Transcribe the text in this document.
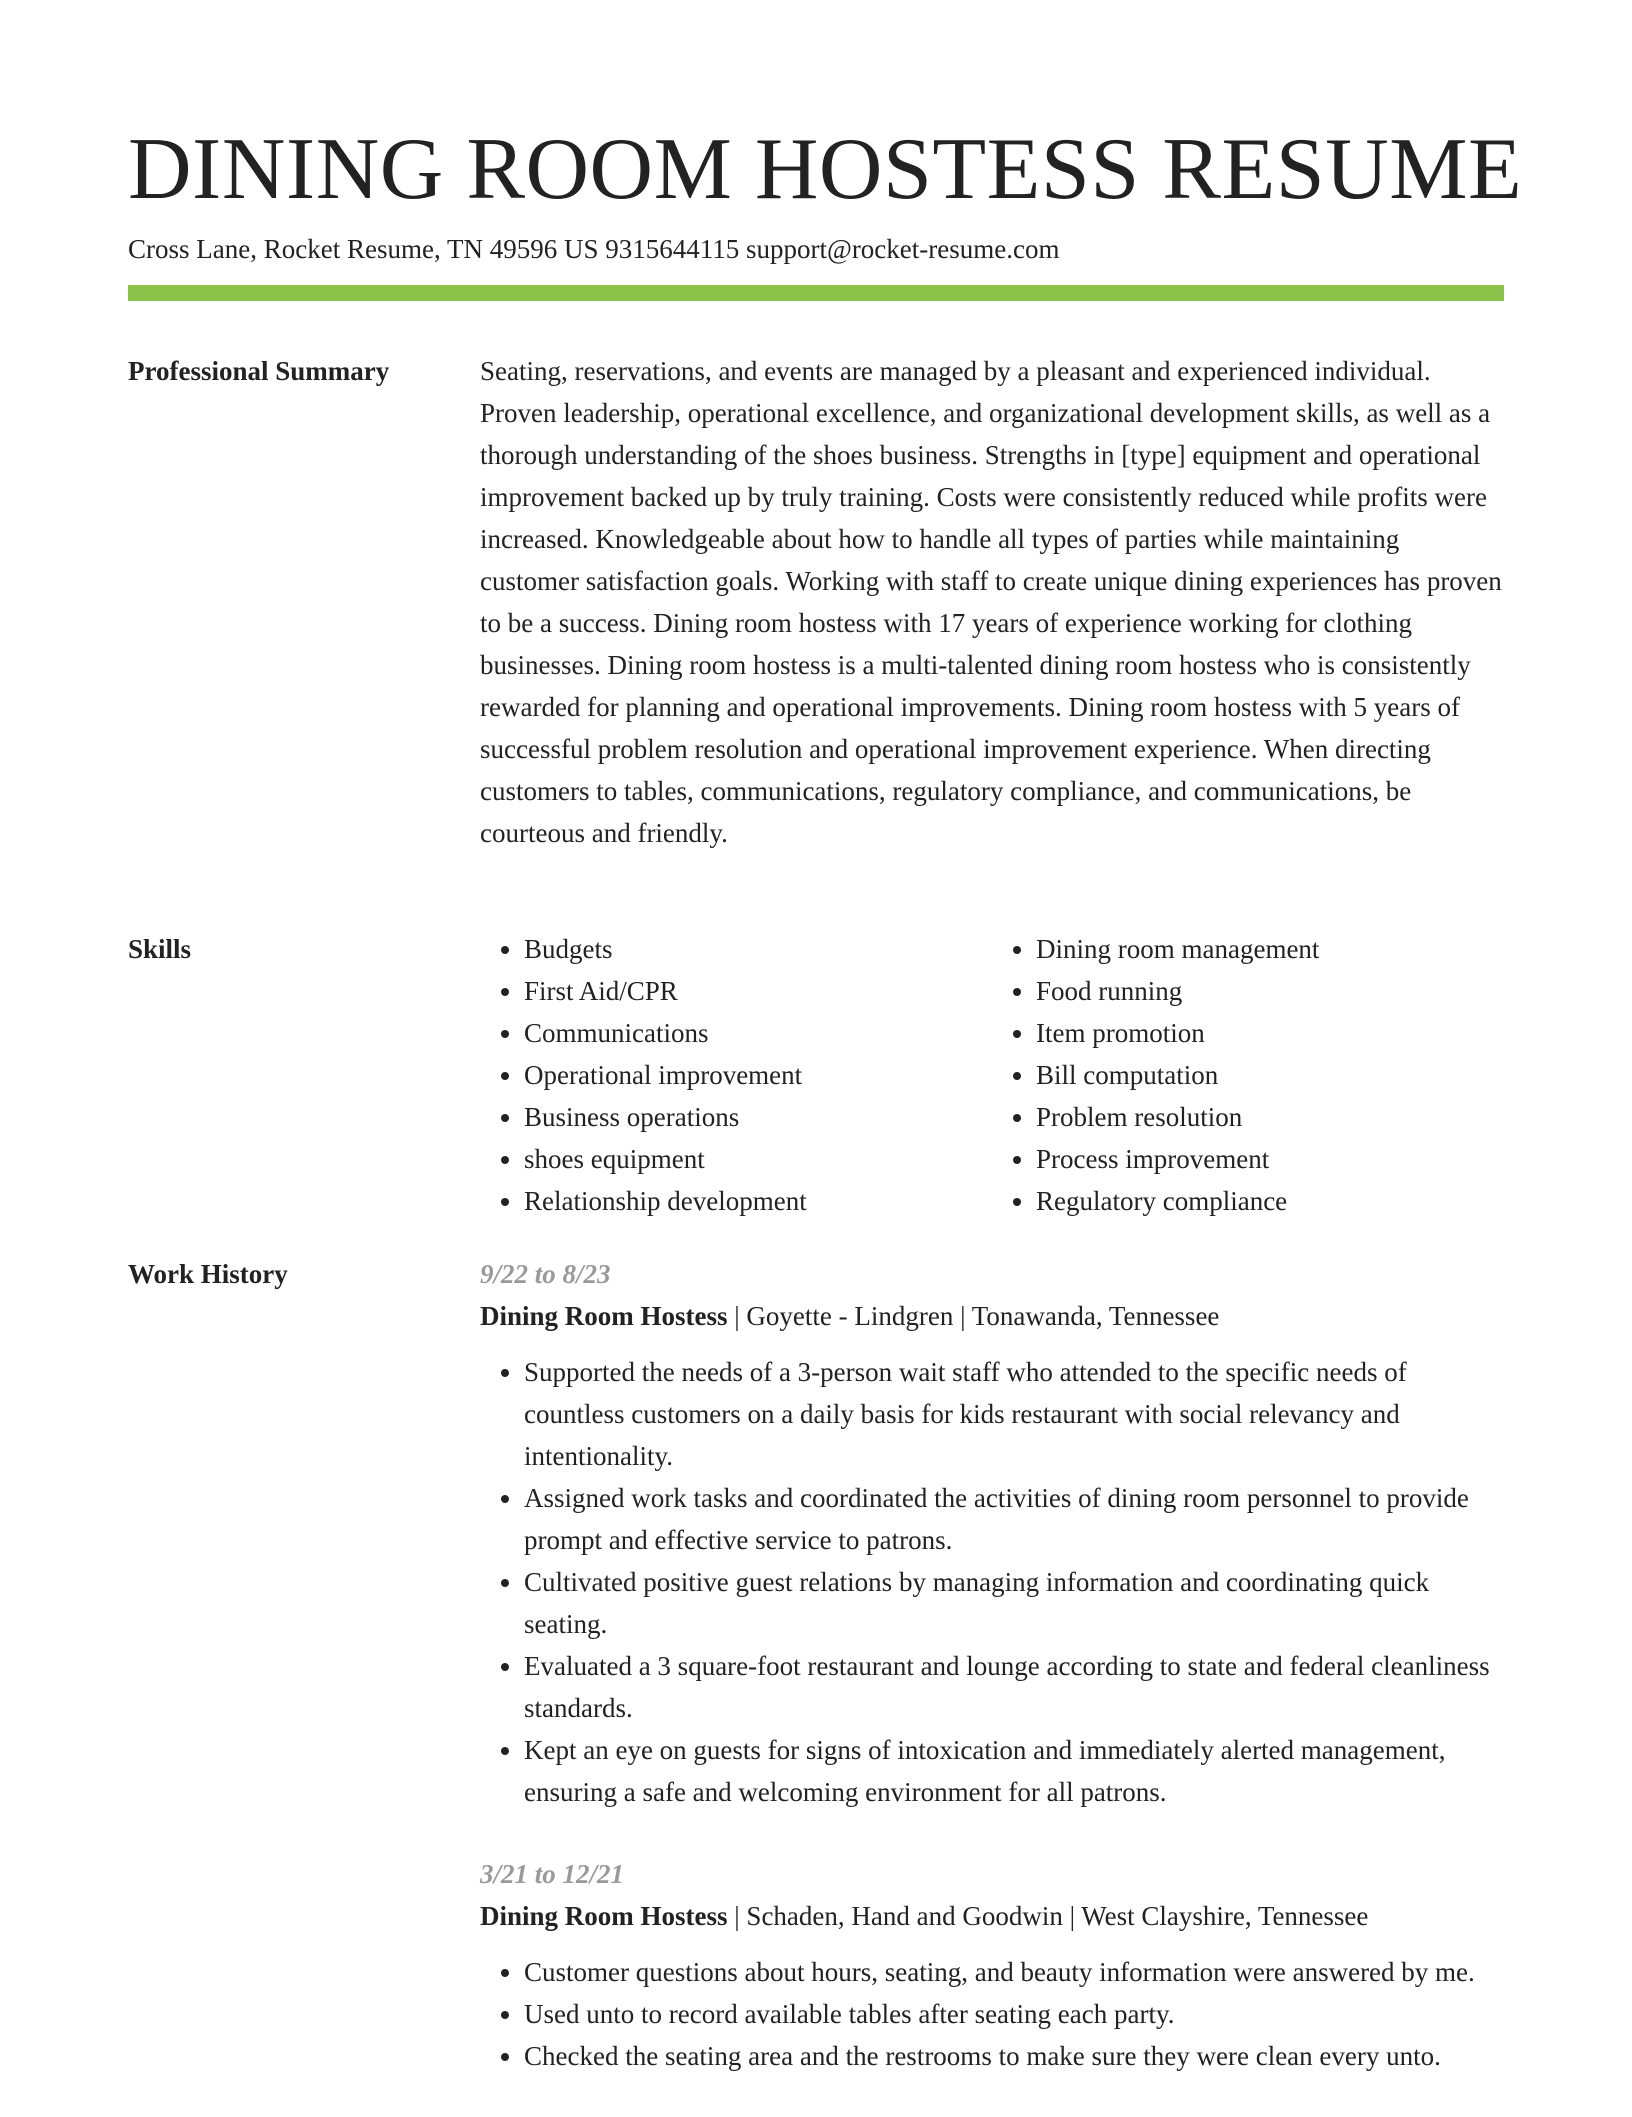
DINING ROOM HOSTESS RESUME
Cross Lane, Rocket Resume, TN 49596 US 9315644115 support@rocket-resume.com
Professional Summary	Seating, reservations, and events are managed by a pleasant and experienced individual. Proven leadership, operational excellence, and organizational development skills, as well as a thorough understanding of the shoes business. Strengths in [type] equipment and operational improvement backed up by truly training. Costs were consistently reduced while profits were increased. Knowledgeable about how to handle all types of parties while maintaining customer satisfaction goals. Working with staff to create unique dining experiences has proven to be a success. Dining room hostess with 17 years of experience working for clothing businesses. Dining room hostess is a multi-talented dining room hostess who is consistently rewarded for planning and operational improvements. Dining room hostess with 5 years of successful problem resolution and operational improvement experience. When directing customers to tables, communications, regulatory compliance, and communications, be courteous and friendly.

Skills
•	Budgets
• First Aid/CPR
• Communications
• Operational improvement
• Business operations
• shoes equipment
• Relationship development
• Dining room management
• Food running
• Item promotion
• Bill computation
• Problem resolution
• Process improvement
• Regulatory compliance
Work History	9/22 to 8/23
Dining Room Hostess | Goyette - Lindgren | Tonawanda, Tennessee
• Supported the needs of a 3-person wait staff who attended to the specific needs of countless customers on a daily basis for kids restaurant with social relevancy and intentionality.
• Assigned work tasks and coordinated the activities of dining room personnel to provide prompt and effective service to patrons.
• Cultivated positive guest relations by managing information and coordinating quick seating.
• Evaluated a 3 square-foot restaurant and lounge according to state and federal cleanliness standards.
• Kept an eye on guests for signs of intoxication and immediately alerted management, ensuring a safe and welcoming environment for all patrons.
3/21 to 12/21
Dining Room Hostess | Schaden, Hand and Goodwin | West Clayshire, Tennessee
• Customer questions about hours, seating, and beauty information were answered by me.
• Used unto to record available tables after seating each party.
• Checked the seating area and the restrooms to make sure they were clean every unto.
